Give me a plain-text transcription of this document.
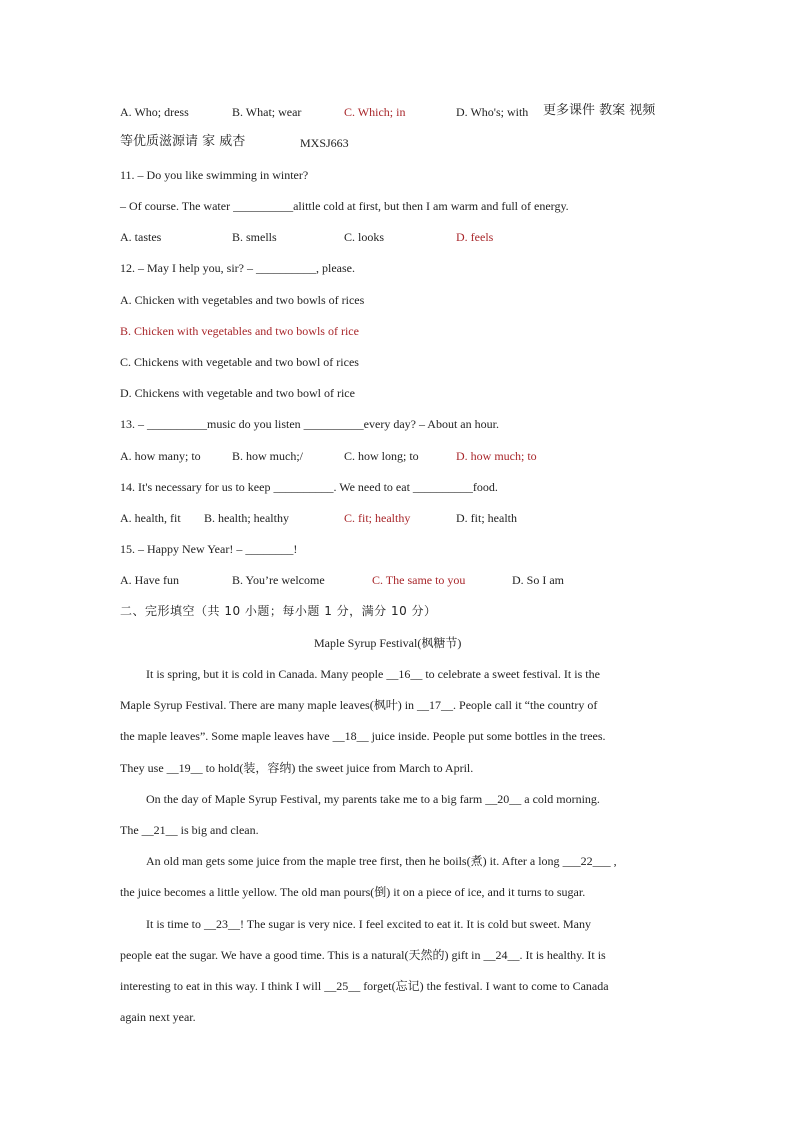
A. Who; dress	B. What; wear	C. Which; in	D. Who's; with 更多课件 教案 视频
等优质滋源请 家 威杏	MXSJ663
11. – Do you like swimming in winter?
– Of course. The water __________alittle cold at first, but then I am warm and full of energy.
A. tastes	B. smells	C. looks	D. feels
12. – May I help you, sir? – __________, please.
A. Chicken with vegetables and two bowls of rices
B. Chicken with vegetables and two bowls of rice
C. Chickens with vegetable and two bowl of rices
D. Chickens with vegetable and two bowl of rice
13. – __________music do you listen __________every day? – About an hour.
A. how many; to	B. how much;/	C. how long; to	D. how much; to
14. It's necessary for us to keep __________. We need to eat __________food.
A. health, fit B. health; healthy	C. fit; healthy	D. fit; health
15. – Happy New Year! – ________!
A. Have fun	B. You’re welcome	C. The same to you	D. So I am
二、完形填空（共 10 小题；每小题 1 分，满分 10 分）
Maple Syrup Festival(枫糖节)
It is spring, but it is cold in Canada. Many people __16__ to celebrate a sweet festival. It is the
Maple Syrup Festival. There are many maple leaves(枫叶) in __17__. People call it “the country of
the maple leaves”. Some maple leaves have __18__ juice inside. People put some bottles in the trees.
They use __19__ to hold(装，容纳) the sweet juice from March to April.
On the day of Maple Syrup Festival, my parents take me to a big farm __20__ a cold morning.
The __21__ is big and clean.
An old man gets some juice from the maple tree first, then he boils(煮) it. After a long ___22___ ,
the juice becomes a little yellow. The old man pours(倒) it on a piece of ice, and it turns to sugar.
It is time to __23__! The sugar is very nice. I feel excited to eat it. It is cold but sweet. Many
people eat the sugar. We have a good time. This is a natural(天然的) gift in __24__. It is healthy. It is
interesting to eat in this way. I think I will __25__ forget(忘记) the festival. I want to come to Canada
again next year.
